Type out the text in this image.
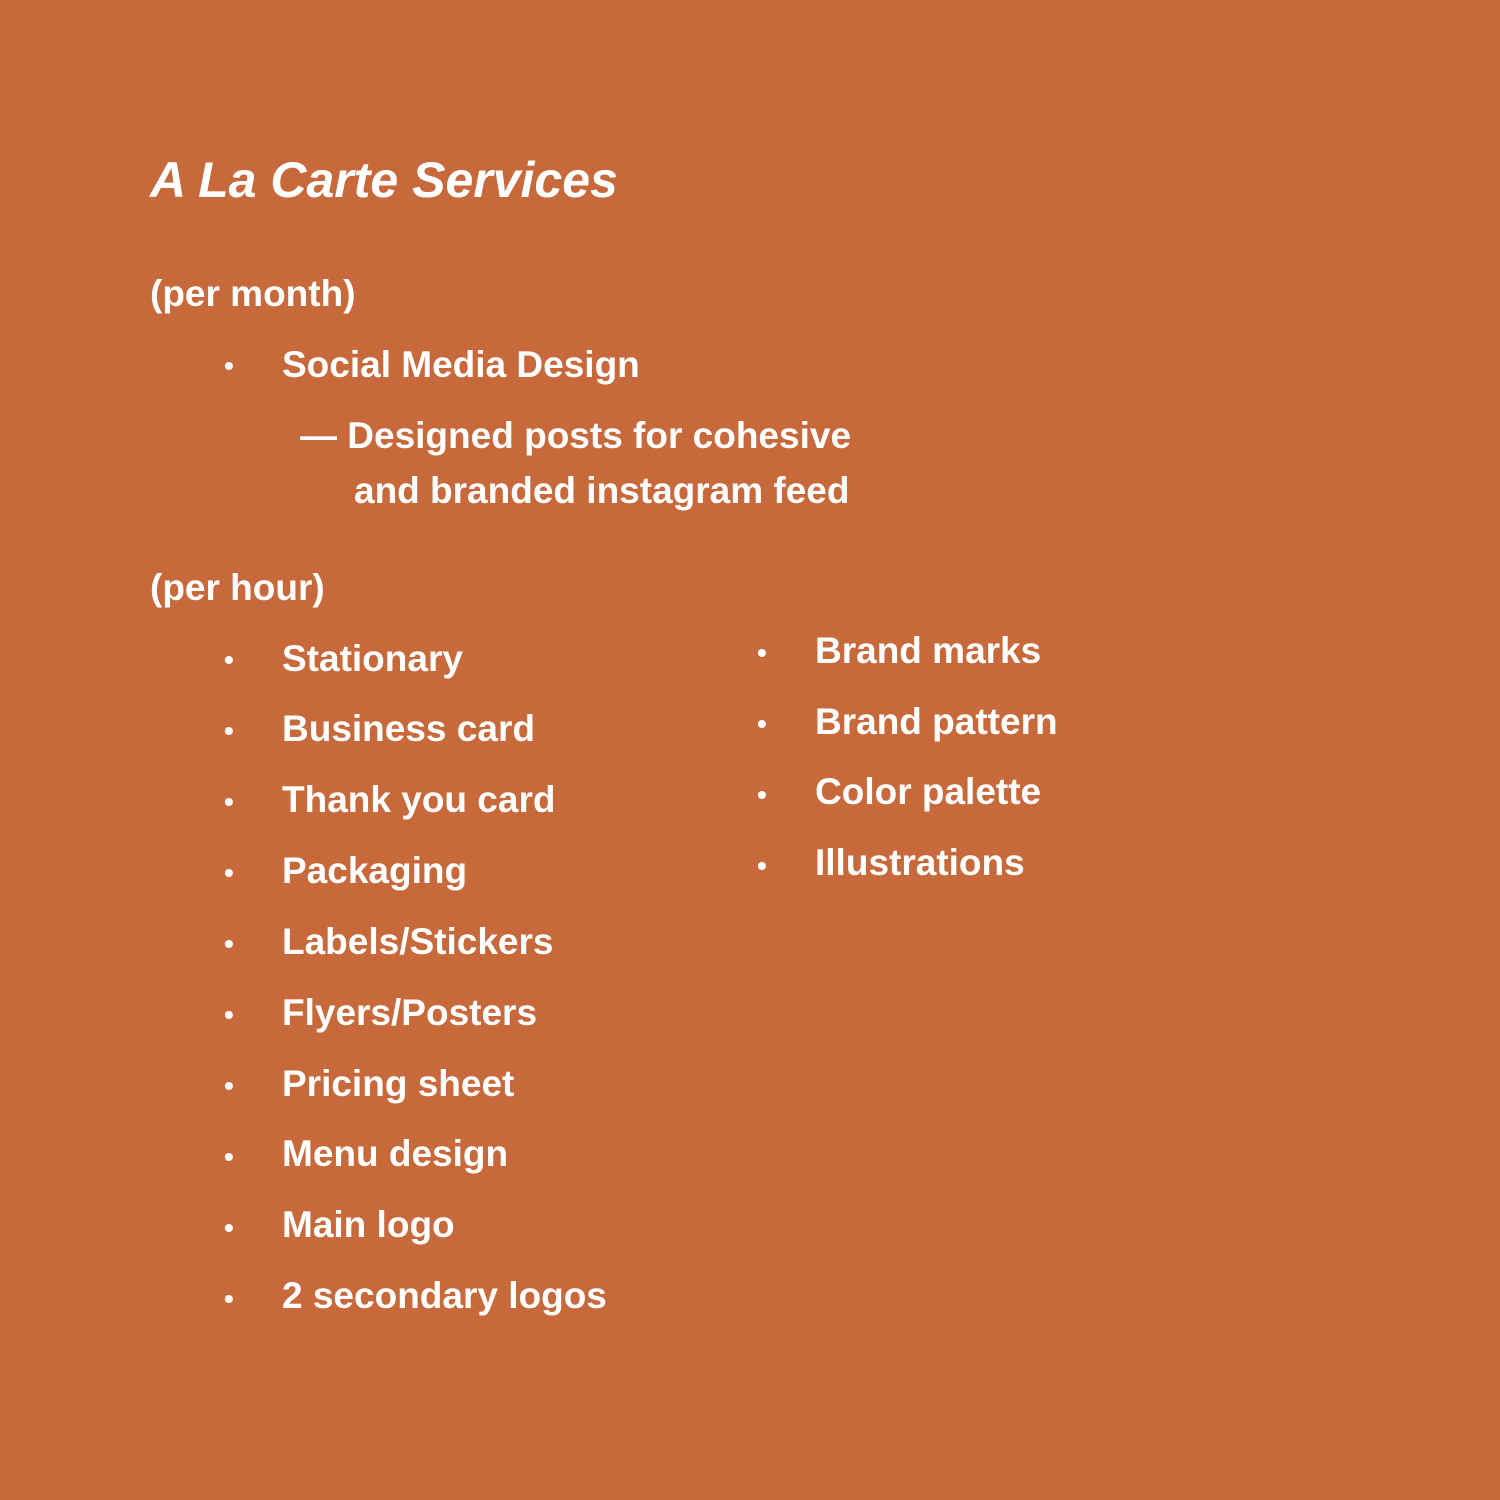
A La Carte Services
(per month)
• Social Media Design
— Designed posts for cohesive
and branded instagram feed
(per hour)
• Stationary
• Business card
• Thank you card
• Packaging
• Labels/Stickers
• Flyers/Posters
• Pricing sheet
• Menu design
• Main logo
• 2 secondary logos
• Brand marks
• Brand pattern
• Color palette
• Illustrations
